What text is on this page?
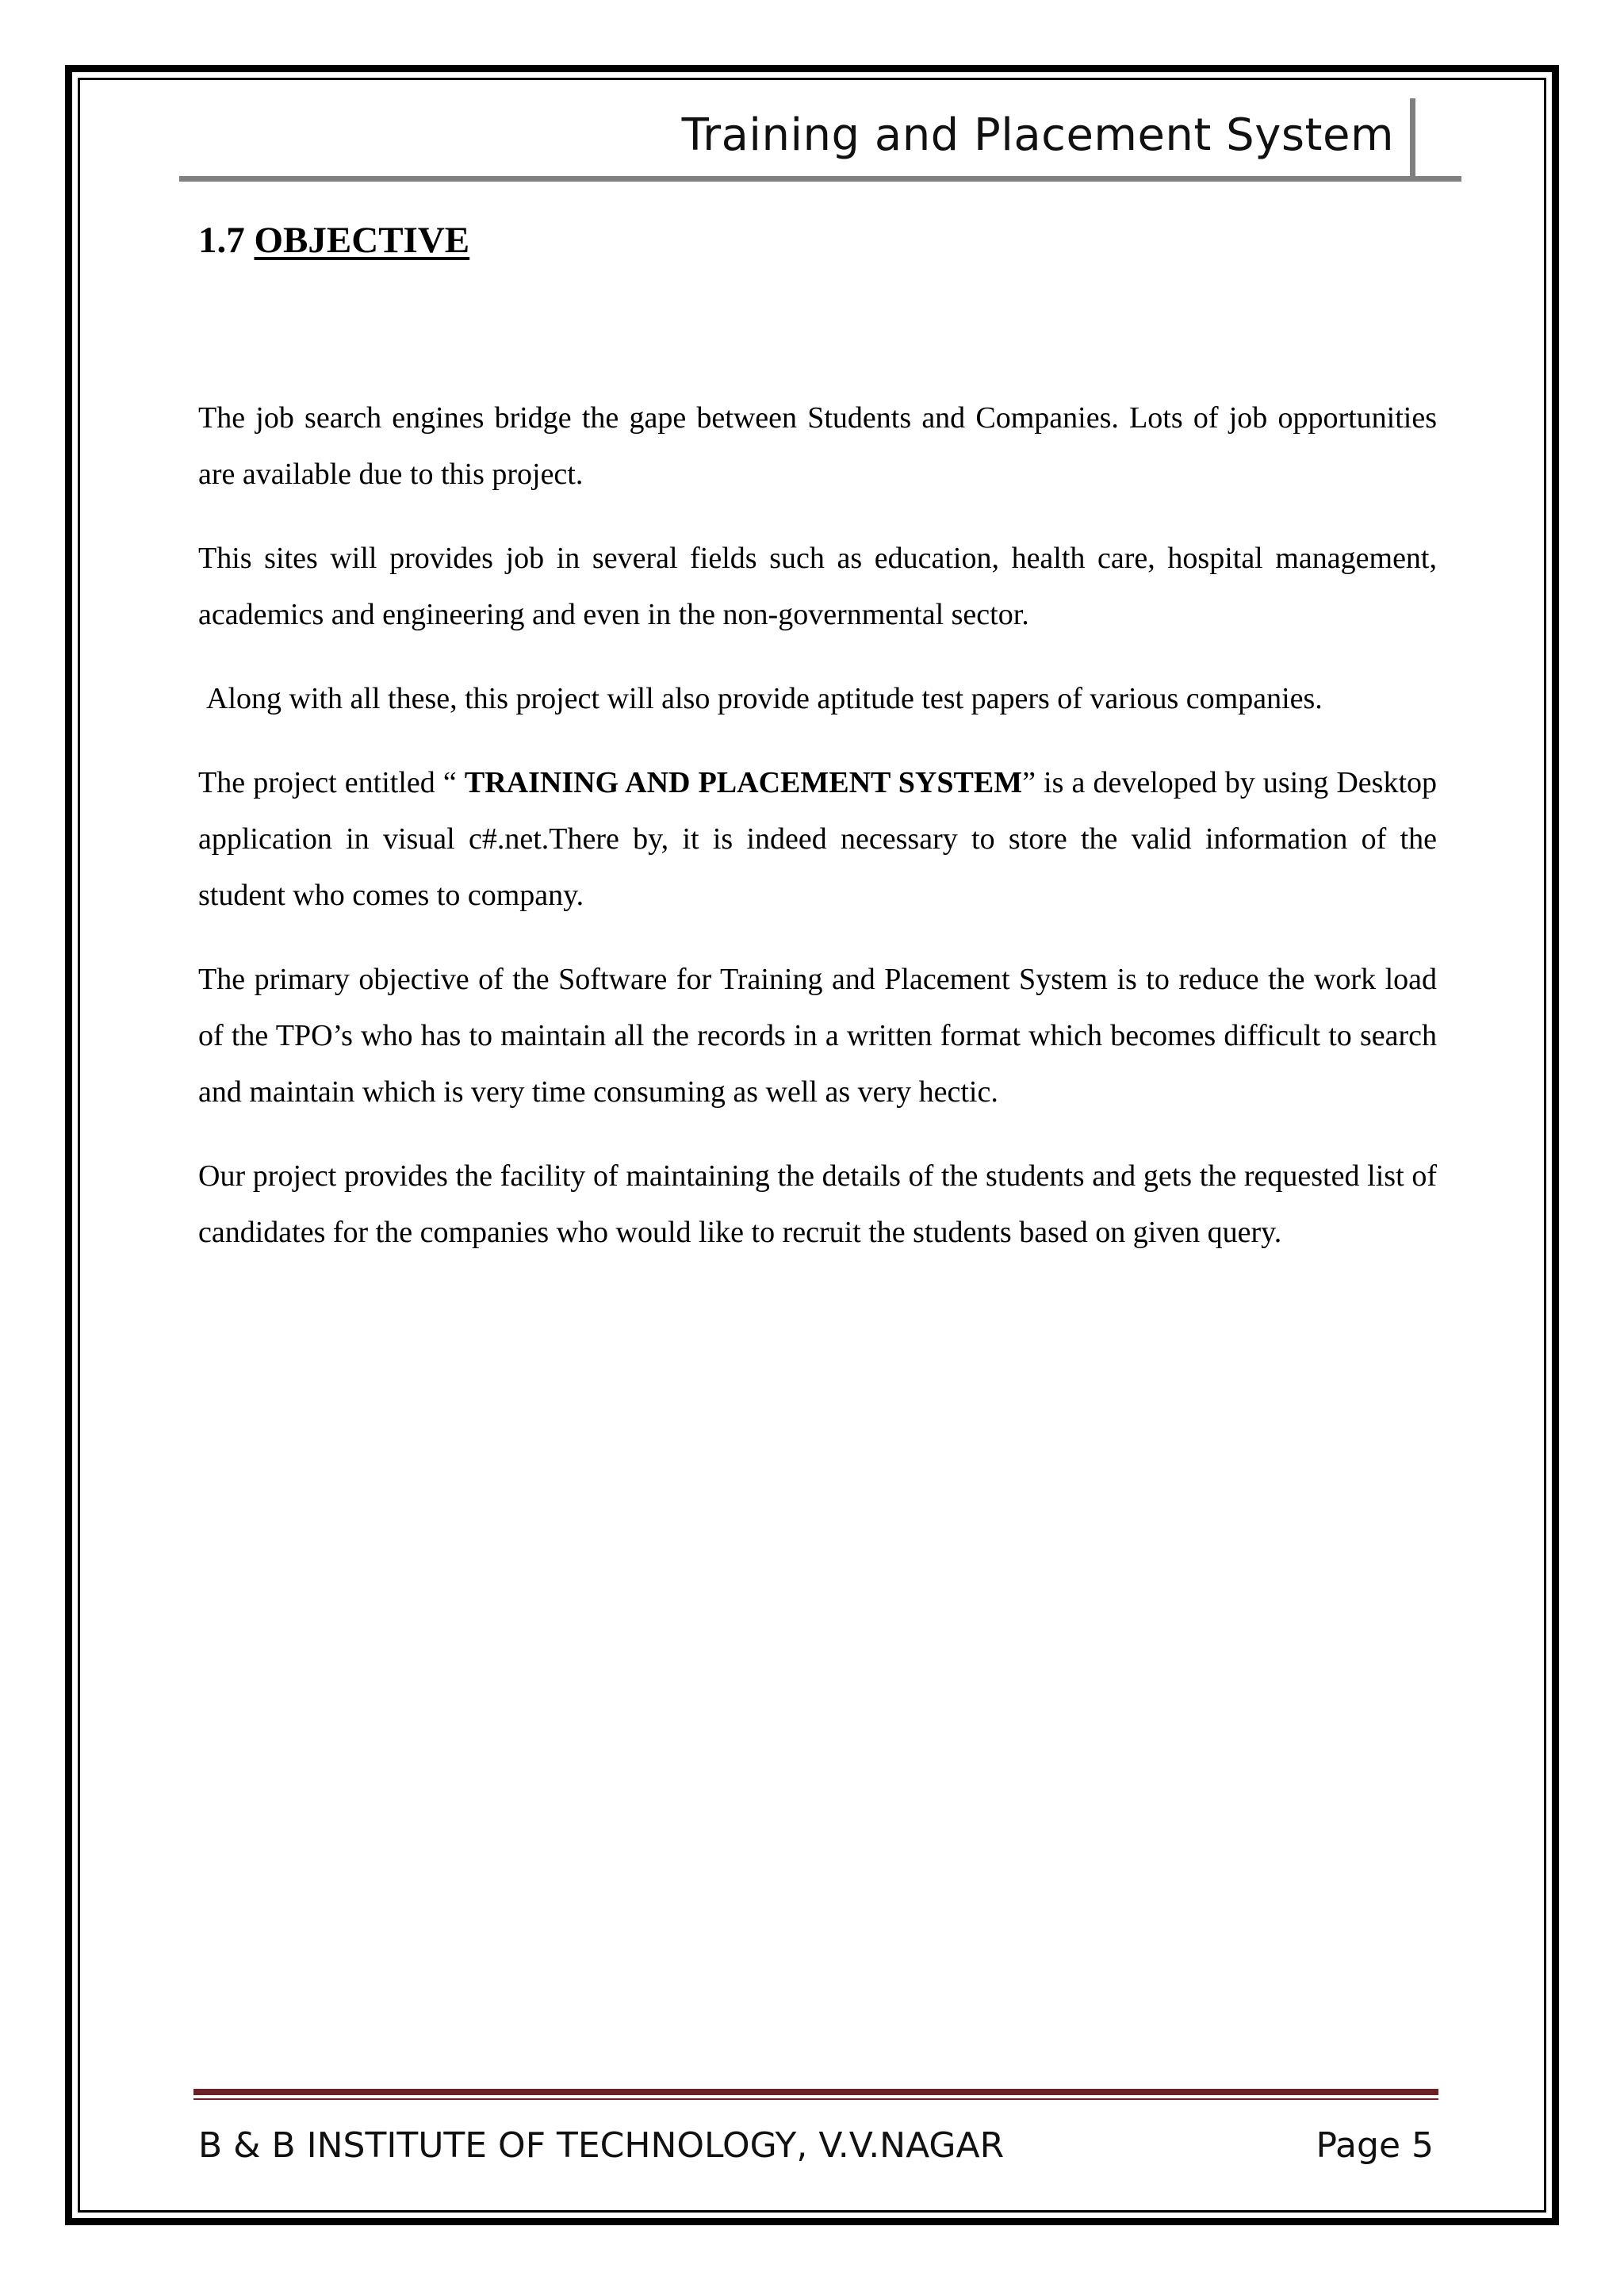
Training and Placement System
1.7 OBJECTIVE

The job search engines bridge the gape between Students and Companies. Lots of job opportunities are available due to this project.

This sites will provides job in several fields such as education, health care, hospital management, academics and engineering and even in the non-governmental sector.

Along with all these, this project will also provide aptitude test papers of various companies.

The project entitled “ TRAINING AND PLACEMENT SYSTEM” is a developed by using Desktop application in visual c#.net.There by, it is indeed necessary to store the valid information of the student who comes to company.

The primary objective of the Software for Training and Placement System is to reduce the work load of the TPO’s who has to maintain all the records in a written format which becomes difficult to search and maintain which is very time consuming as well as very hectic.

Our project provides the facility of maintaining the details of the students and gets the requested list of candidates for the companies who would like to recruit the students based on given query.

B & B INSTITUTE OF TECHNOLOGY, V.V.NAGAR	Page 5
